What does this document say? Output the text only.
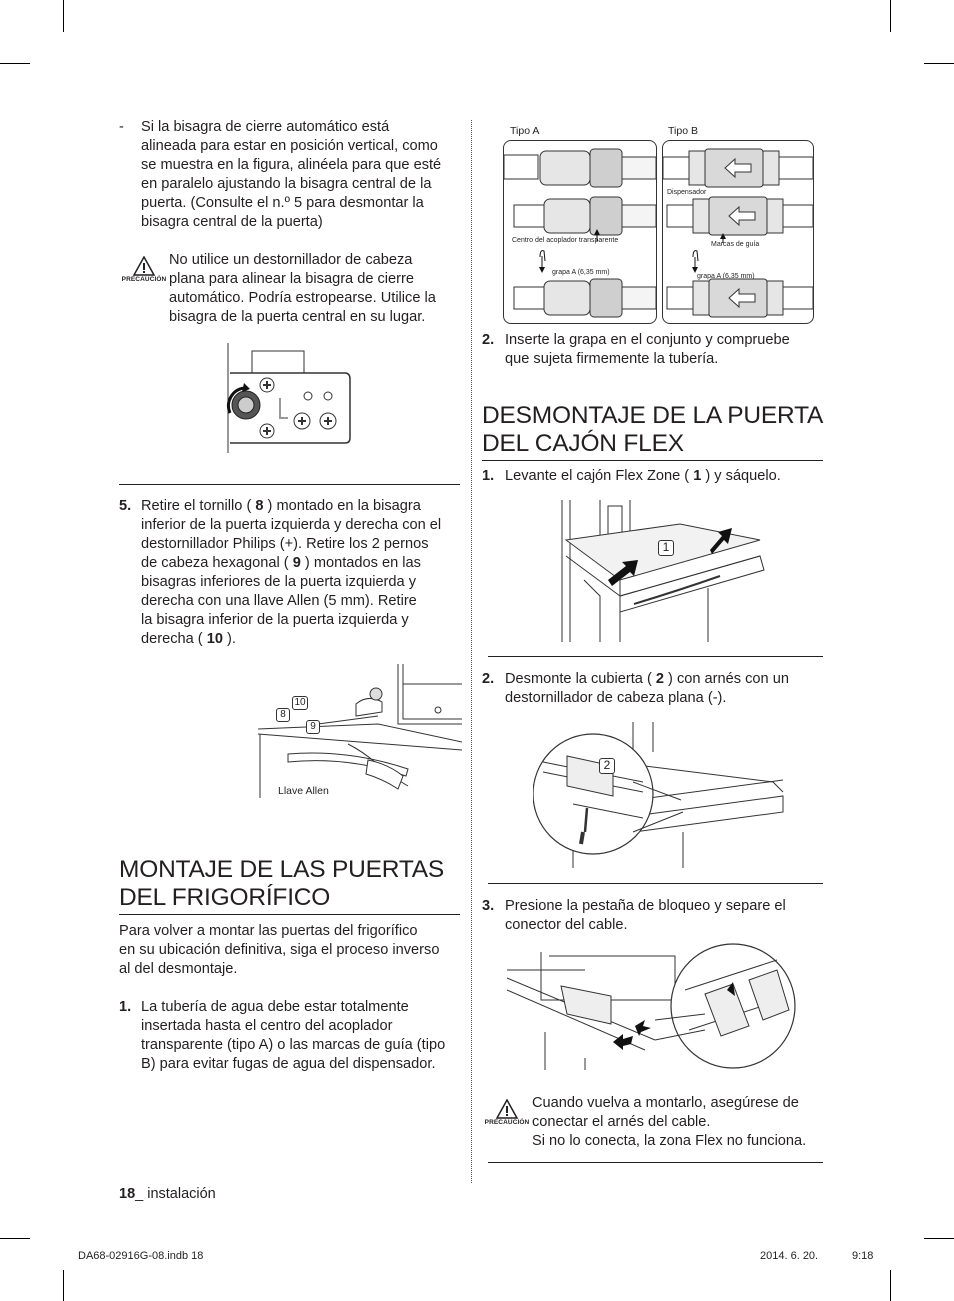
- Si la bisagra de cierre automático está
alineada para estar en posición vertical, como
se muestra en la figura, alinéela para que esté
en paralelo ajustando la bisagra central de la
puerta. (Consulte el n.º 5 para desmontar la
bisagra central de la puerta)
PRECAUCIÓN
No utilice un destornillador de cabeza
plana para alinear la bisagra de cierre
automático. Podría estropearse. Utilice la
bisagra de la puerta central en su lugar.
5. Retire el tornillo ( 8 ) montado en la bisagra
inferior de la puerta izquierda y derecha con el
destornillador Philips (+). Retire los 2 pernos
de cabeza hexagonal ( 9 ) montados en las
bisagras inferiores de la puerta izquierda y
derecha con una llave Allen (5 mm). Retire
la bisagra inferior de la puerta izquierda y
derecha ( 10 ).
10
8
9
Llave Allen
MONTAJE DE LAS PUERTAS
DEL FRIGORÍFICO
Para volver a montar las puertas del frigorífico
en su ubicación definitiva, siga el proceso inverso
al del desmontaje.
1. La tubería de agua debe estar totalmente
insertada hasta el centro del acoplador
transparente (tipo A) o las marcas de guía (tipo
B) para evitar fugas de agua del dispensador.
18_ instalación
Tipo A	Tipo B
Centro del acoplador transparente
grapa A (6,35 mm)
Dispensador
Marcas de guía
grapa A (6,35 mm)
2. Inserte la grapa en el conjunto y compruebe
que sujeta firmemente la tubería.
DESMONTAJE DE LA PUERTA
DEL CAJÓN FLEX
1. Levante el cajón Flex Zone ( 1 ) y sáquelo.
1
2. Desmonte la cubierta ( 2 ) con arnés con un
destornillador de cabeza plana (-).
2
3. Presione la pestaña de bloqueo y separe el
conector del cable.
PRECAUCIÓN
Cuando vuelva a montarlo, asegúrese de
conectar el arnés del cable.
Si no lo conecta, la zona Flex no funciona.
DA68-02916G-08.indb 18	2014. 6. 20.	9:18
